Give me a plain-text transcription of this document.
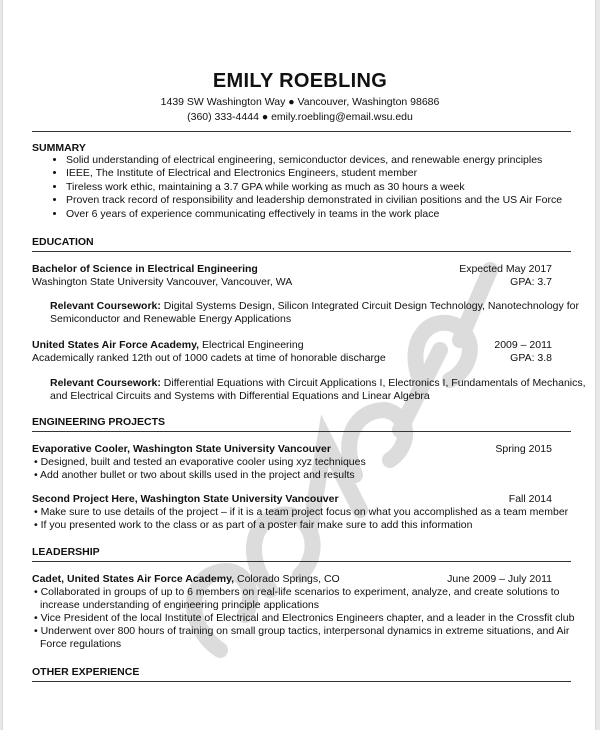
EMILY ROEBLING
1439 SW Washington Way ● Vancouver, Washington 98686
(360) 333-4444 ● emily.roebling@email.wsu.edu
SUMMARY
• Solid understanding of electrical engineering, semiconductor devices, and renewable energy principles
• IEEE, The Institute of Electrical and Electronics Engineers, student member
• Tireless work ethic, maintaining a 3.7 GPA while working as much as 30 hours a week
• Proven track record of responsibility and leadership demonstrated in civilian positions and the US Air Force
• Over 6 years of experience communicating effectively in teams in the work place
EDUCATION
Bachelor of Science in Electrical Engineering	Expected May 2017
Washington State University Vancouver, Vancouver, WA	GPA: 3.7
Relevant Coursework: Digital Systems Design, Silicon Integrated Circuit Design Technology, Nanotechnology for
Semiconductor and Renewable Energy Applications
United States Air Force Academy, Electrical Engineering	2009 – 2011
Academically ranked 12th out of 1000 cadets at time of honorable discharge	GPA: 3.8
Relevant Coursework: Differential Equations with Circuit Applications I, Electronics I, Fundamentals of Mechanics,
and Electrical Circuits and Systems with Differential Equations and Linear Algebra
ENGINEERING PROJECTS
Evaporative Cooler, Washington State University Vancouver	Spring 2015
• Designed, built and tested an evaporative cooler using xyz techniques
• Add another bullet or two about skills used in the project and results
Second Project Here, Washington State University Vancouver	Fall 2014
• Make sure to use details of the project – if it is a team project focus on what you accomplished as a team member
• If you presented work to the class or as part of a poster fair make sure to add this information
LEADERSHIP
Cadet, United States Air Force Academy, Colorado Springs, CO	June 2009 – July 2011
• Collaborated in groups of up to 6 members on real-life scenarios to experiment, analyze, and create solutions to
increase understanding of engineering principle applications
• Vice President of the local Institute of Electrical and Electronics Engineers chapter, and a leader in the Crossfit club
• Underwent over 800 hours of training on small group tactics, interpersonal dynamics in extreme situations, and Air
Force regulations
OTHER EXPERIENCE
